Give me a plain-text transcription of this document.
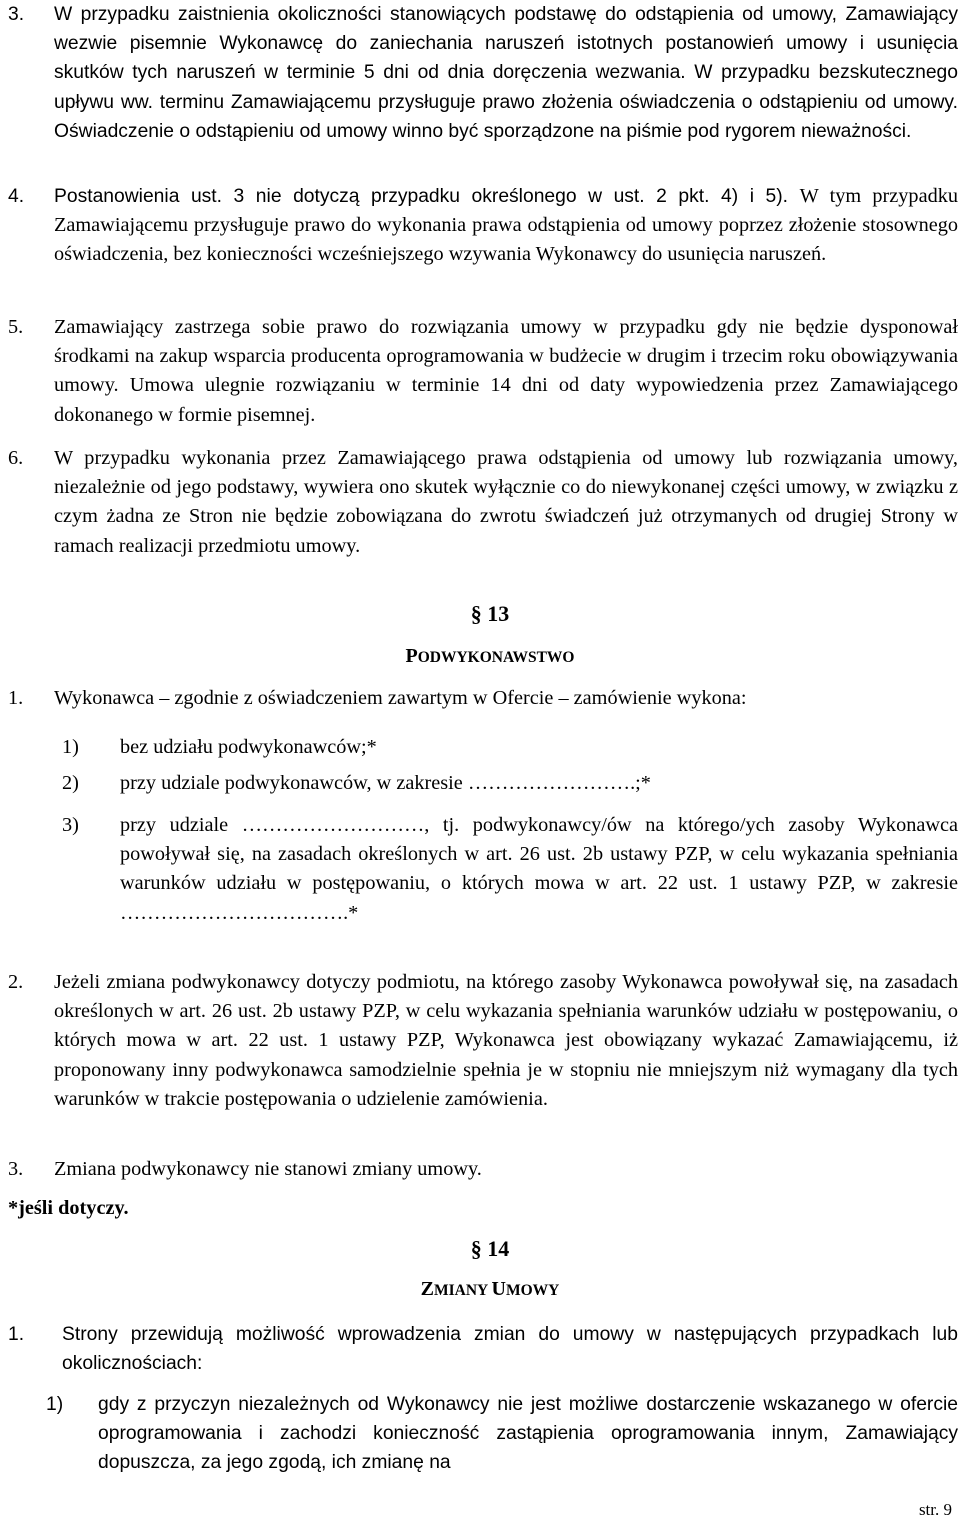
3. W przypadku zaistnienia okoliczności stanowiących podstawę do odstąpienia od umowy, Zamawiający wezwie pisemnie Wykonawcę do zaniechania naruszeń istotnych postanowień umowy i usunięcia skutków tych naruszeń w terminie 5 dni od dnia doręczenia wezwania. W przypadku bezskutecznego upływu ww. terminu Zamawiającemu przysługuje prawo złożenia oświadczenia o odstąpieniu od umowy. Oświadczenie o odstąpieniu od umowy winno być sporządzone na piśmie pod rygorem nieważności.
4. Postanowienia ust. 3 nie dotyczą przypadku określonego w ust. 2 pkt. 4) i 5). W tym przypadku Zamawiającemu przysługuje prawo do wykonania prawa odstąpienia od umowy poprzez złożenie stosownego oświadczenia, bez konieczności wcześniejszego wzywania Wykonawcy do usunięcia naruszeń.
5. Zamawiający zastrzega sobie prawo do rozwiązania umowy w przypadku gdy nie będzie dysponował środkami na zakup wsparcia producenta oprogramowania w budżecie w drugim i trzecim roku obowiązywania umowy. Umowa ulegnie rozwiązaniu w terminie 14 dni od daty wypowiedzenia przez Zamawiającego dokonanego w formie pisemnej.
6. W przypadku wykonania przez Zamawiającego prawa odstąpienia od umowy lub rozwiązania umowy, niezależnie od jego podstawy, wywiera ono skutek wyłącznie co do niewykonanej części umowy, w związku z czym żadna ze Stron nie będzie zobowiązana do zwrotu świadczeń już otrzymanych od drugiej Strony w ramach realizacji przedmiotu umowy.
§ 13
PODWYKONAWSTWO
1. Wykonawca – zgodnie z oświadczeniem zawartym w Ofercie – zamówienie wykona:
1) bez udziału podwykonawców;*
2) przy udziale podwykonawców, w zakresie …………………….;*
3) przy udziale ………………………, tj. podwykonawcy/ów na którego/ych zasoby Wykonawca powoływał się, na zasadach określonych w art. 26 ust. 2b ustawy PZP, w celu wykazania spełniania warunków udziału w postępowaniu, o których mowa w art. 22 ust. 1 ustawy PZP, w zakresie …………………………….*
2. Jeżeli zmiana podwykonawcy dotyczy podmiotu, na którego zasoby Wykonawca powoływał się, na zasadach określonych w art. 26 ust. 2b ustawy PZP, w celu wykazania spełniania warunków udziału w postępowaniu, o których mowa w art. 22 ust. 1 ustawy PZP, Wykonawca jest obowiązany wykazać Zamawiającemu, iż proponowany inny podwykonawca samodzielnie spełnia je w stopniu nie mniejszym niż wymagany dla tych warunków w trakcie postępowania o udzielenie zamówienia.
3. Zmiana podwykonawcy nie stanowi zmiany umowy.
*jeśli dotyczy.
§ 14
ZMIANY UMOWY
1. Strony przewidują możliwość wprowadzenia zmian do umowy w następujących przypadkach lub okolicznościach:
1) gdy z przyczyn niezależnych od Wykonawcy nie jest możliwe dostarczenie wskazanego w ofercie oprogramowania i zachodzi konieczność zastąpienia oprogramowania innym, Zamawiający dopuszcza, za jego zgodą, ich zmianę na
str. 9
